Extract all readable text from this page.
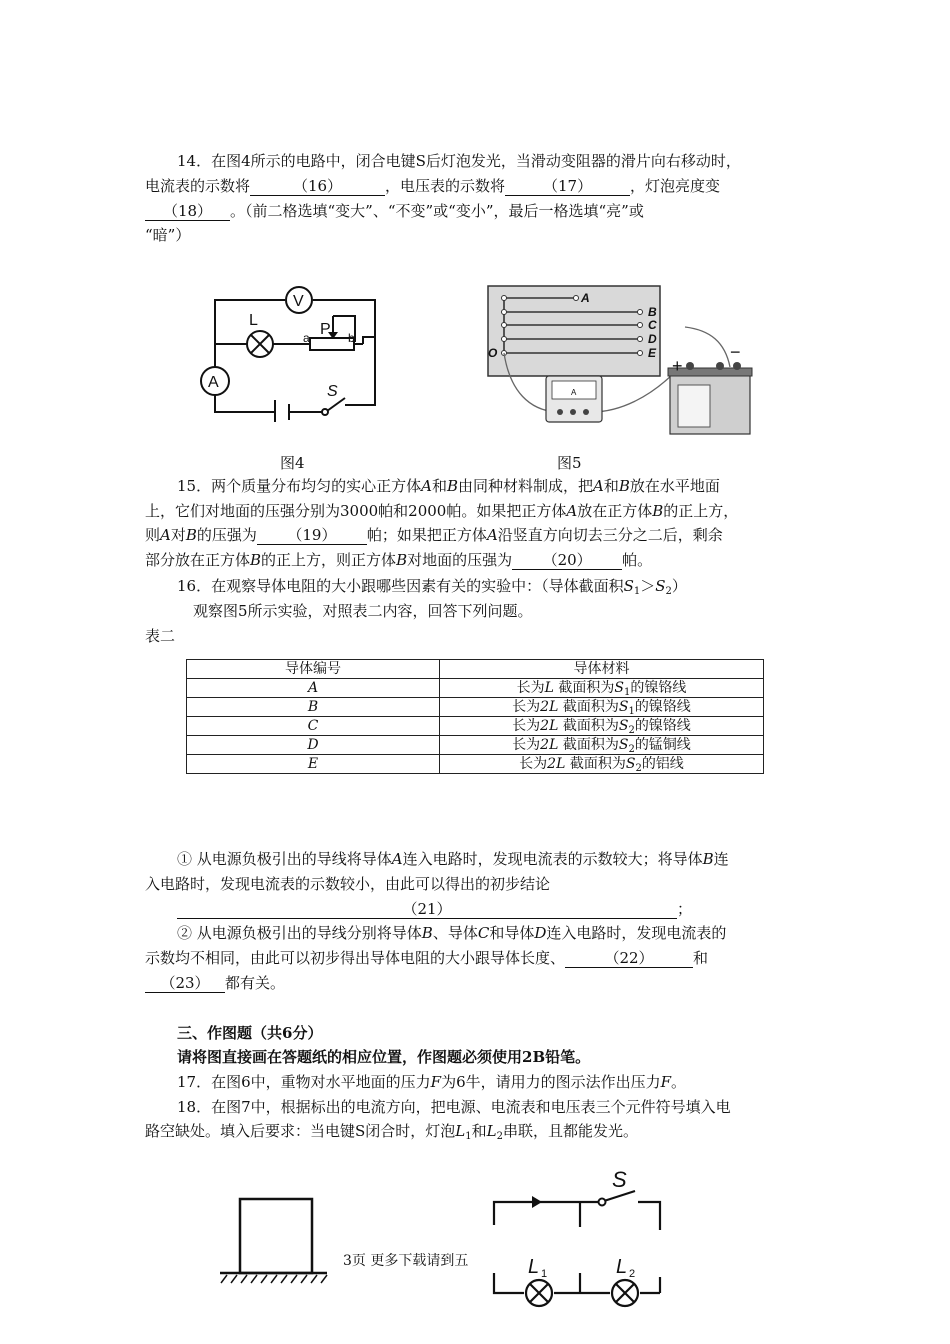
14．在图4所示的电路中，闭合电键S后灯泡发光，当滑动变阻器的滑片向右移动时，
电流表的示数将	（16）	，电压表的示数将	（17）	，灯泡亮度变
（18） 。（前二格选填“变大”、“不变”或“变小”，最后一格选填“亮”或
“暗”）
V
A
L
P
a	b
S
图4
A
B
C
D
E
O
A
+
−
图5
15．两个质量分布均匀的实心正方体A和B由同种材料制成，把A和B放在水平地面
上，它们对地面的压强分别为3000帕和2000帕。如果把正方体A放在正方体B的正上方，
则A对B的压强为 （19） 帕；如果把正方体A沿竖直方向切去三分之二后，剩余
部分放在正方体B的正上方，则正方体B对地面的压强为 （20） 帕。
16．在观察导体电阻的大小跟哪些因素有关的实验中：（导体截面积$S_1>S_2$）
观察图5所示实验，对照表二内容，回答下列问题。
表二
导体编号	导体材料
A	长为L 截面积为$S_1$的镍铬线
B	长为2L 截面积为$S_1$的镍铬线
C	长为2L 截面积为$S_2$的镍铬线
D	长为2L 截面积为$S_2$的锰铜线
E	长为2L 截面积为$S_2$的铝线
① 从电源负极引出的导线将导体A连入电路时，发现电流表的示数较大；将导体B连
入电路时，发现电流表的示数较小，由此可以得出的初步结论
（21）	；
② 从电源负极引出的导线分别将导体B、导体C和导体D连入电路时，发现电流表的
示数均不相同，由此可以初步得出导体电阻的大小跟导体长度、	（22）	和
（23） 都有关。
三、作图题（共6分）
请将图直接画在答题纸的相应位置，作图题必须使用2B铅笔。
17．在图6中，重物对水平地面的压力F为6牛，请用力的图示法作出压力F。
18．在图7中，根据标出的电流方向，把电源、电流表和电压表三个元件符号填入电
路空缺处。填入后要求：当电键S闭合时，灯泡$L_1$和$L_2$串联，且都能发光。
3页 更多下载请到五
S
L 1	L 2
